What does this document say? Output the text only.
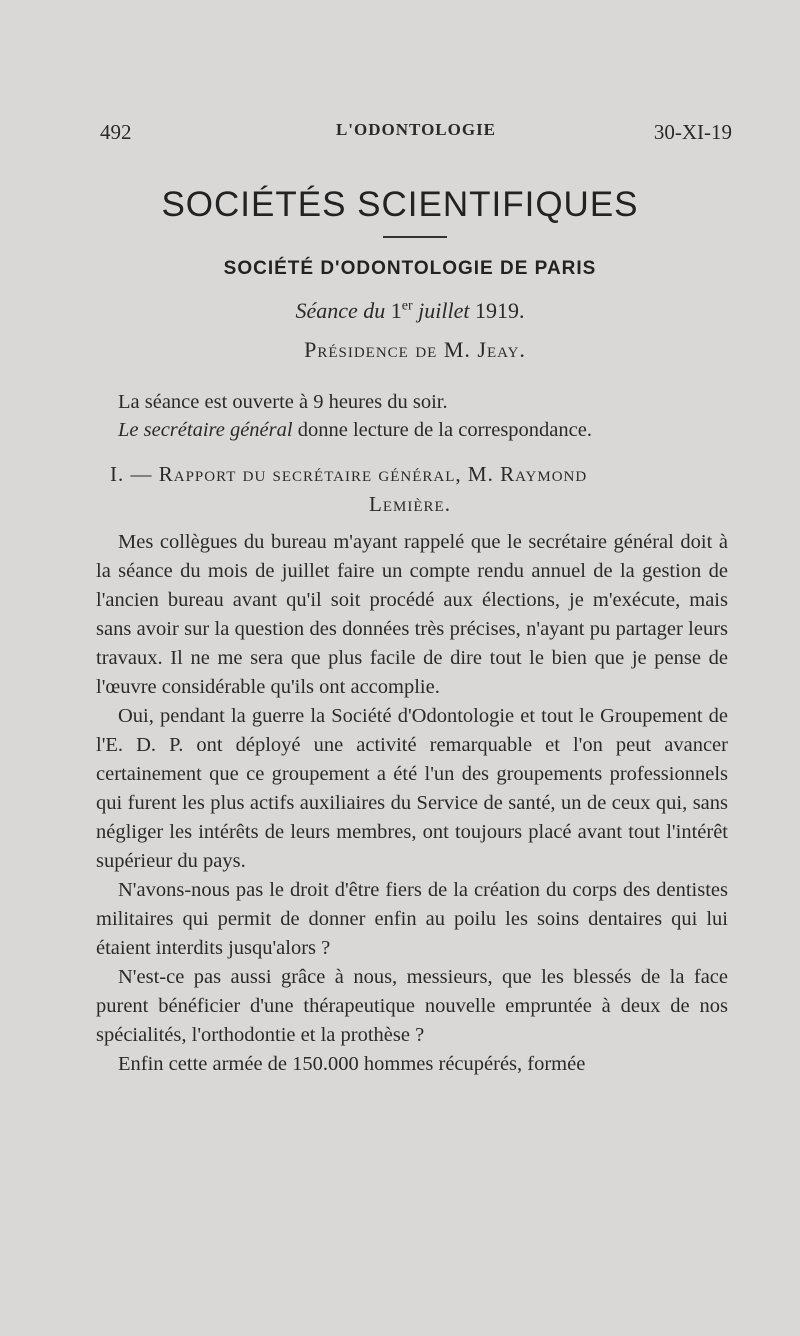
492	L'ODONTOLOGIE	30-XI-19
SOCIÉTÉS SCIENTIFIQUES
SOCIÉTÉ D'ODONTOLOGIE DE PARIS
Séance du 1er juillet 1919.
Présidence de M. Jeay.
La séance est ouverte à 9 heures du soir.
Le secrétaire général donne lecture de la correspondance.
I. — Rapport du secrétaire général, M. Raymond
Lemière.

Mes collègues du bureau m'ayant rappelé que le secrétaire général doit à la séance du mois de juillet faire un compte rendu annuel de la gestion de l'ancien bureau avant qu'il soit procédé aux élections, je m'exécute, mais sans avoir sur la question des données très précises, n'ayant pu partager leurs travaux. Il ne me sera que plus facile de dire tout le bien que je pense de l'œuvre considérable qu'ils ont accomplie.

Oui, pendant la guerre la Société d'Odontologie et tout le Groupement de l'E. D. P. ont déployé une activité remarquable et l'on peut avancer certainement que ce groupement a été l'un des groupements professionnels qui furent les plus actifs auxiliaires du Service de santé, un de ceux qui, sans négliger les intérêts de leurs membres, ont toujours placé avant tout l'intérêt supérieur du pays.

N'avons-nous pas le droit d'être fiers de la création du corps des dentistes militaires qui permit de donner enfin au poilu les soins dentaires qui lui étaient interdits jusqu'alors ?

N'est-ce pas aussi grâce à nous, messieurs, que les blessés de la face purent bénéficier d'une thérapeutique nouvelle empruntée à deux de nos spécialités, l'orthodontie et la prothèse ?

Enfin cette armée de 150.000 hommes récupérés, formée
